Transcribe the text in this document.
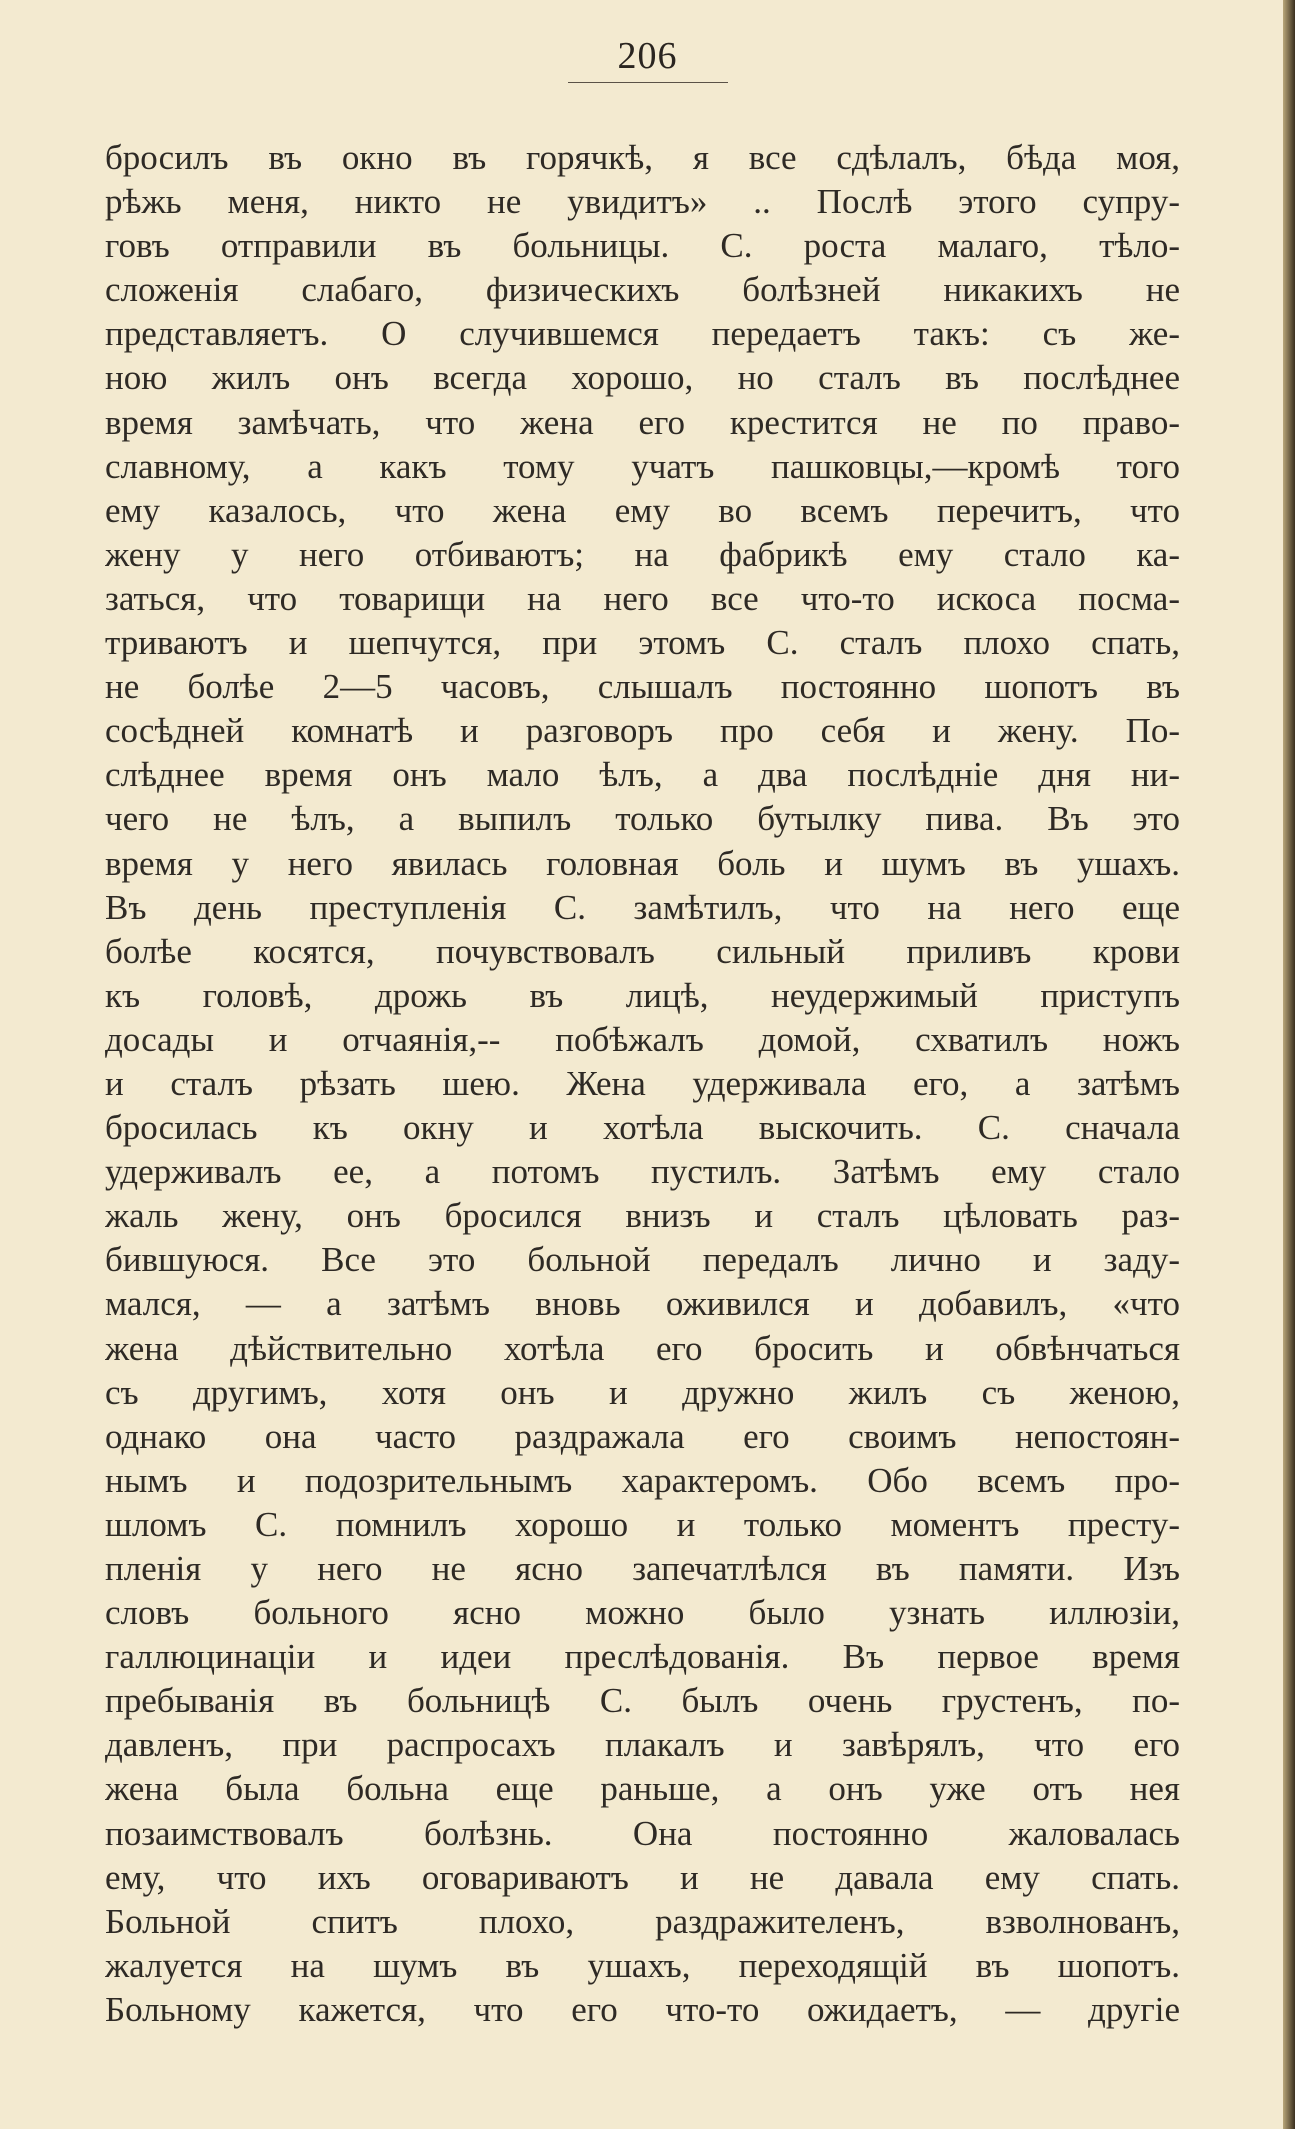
206
бросилъ въ окно въ горячкѣ, я все сдѣлалъ, бѣда моя,
рѣжь меня, никто не увидитъ» .. Послѣ этого супру-
говъ отправили въ больницы. С. роста малаго, тѣло-
сложенія слабаго, физическихъ болѣзней никакихъ не
представляетъ. О случившемся передаетъ такъ: съ же-
ною жилъ онъ всегда хорошо, но сталъ въ послѣднее
время замѣчать, что жена его крестится не по право-
славному, а какъ тому учатъ пашковцы,—кромѣ того
ему казалось, что жена ему во всемъ перечитъ, что
жену у него отбиваютъ; на фабрикѣ ему стало ка-
заться, что товарищи на него все что-то искоса посма-
триваютъ и шепчутся, при этомъ С. сталъ плохо спать,
не болѣе 2—5 часовъ, слышалъ постоянно шопотъ въ
сосѣдней комнатѣ и разговоръ про себя и жену. По-
слѣднее время онъ мало ѣлъ, а два послѣдніе дня ни-
чего не ѣлъ, а выпилъ только бутылку пива. Въ это
время у него явилась головная боль и шумъ въ ушахъ.
Въ день преступленія С. замѣтилъ, что на него еще
болѣе косятся, почувствовалъ сильный приливъ крови
къ головѣ, дрожь въ лицѣ, неудержимый приступъ
досады и отчаянія,-- побѣжалъ домой, схватилъ ножъ
и сталъ рѣзать шею. Жена удерживала его, а затѣмъ
бросилась къ окну и хотѣла выскочить. С. сначала
удерживалъ ее, а потомъ пустилъ. Затѣмъ ему стало
жаль жену, онъ бросился внизъ и сталъ цѣловать раз-
бившуюся. Все это больной передалъ лично и заду-
мался, — а затѣмъ вновь оживился и добавилъ, «что
жена дѣйствительно хотѣла его бросить и обвѣнчаться
съ другимъ, хотя онъ и дружно жилъ съ женою,
однако она часто раздражала его своимъ непостоян-
нымъ и подозрительнымъ характеромъ. Обо всемъ про-
шломъ С. помнилъ хорошо и только моментъ престу-
пленія у него не ясно запечатлѣлся въ памяти. Изъ
словъ больного ясно можно было узнать иллюзіи,
галлюцинаціи и идеи преслѣдованія. Въ первое время
пребыванія въ больницѣ С. былъ очень грустенъ, по-
давленъ, при распросахъ плакалъ и завѣрялъ, что его
жена была больна еще раньше, а онъ уже отъ нея
позаимствовалъ болѣзнь. Она постоянно жаловалась
ему, что ихъ оговариваютъ и не давала ему спать.
Больной спитъ плохо, раздражителенъ, взволнованъ,
жалуется на шумъ въ ушахъ, переходящій въ шопотъ.
Больному кажется, что его что-то ожидаетъ, — другіе
